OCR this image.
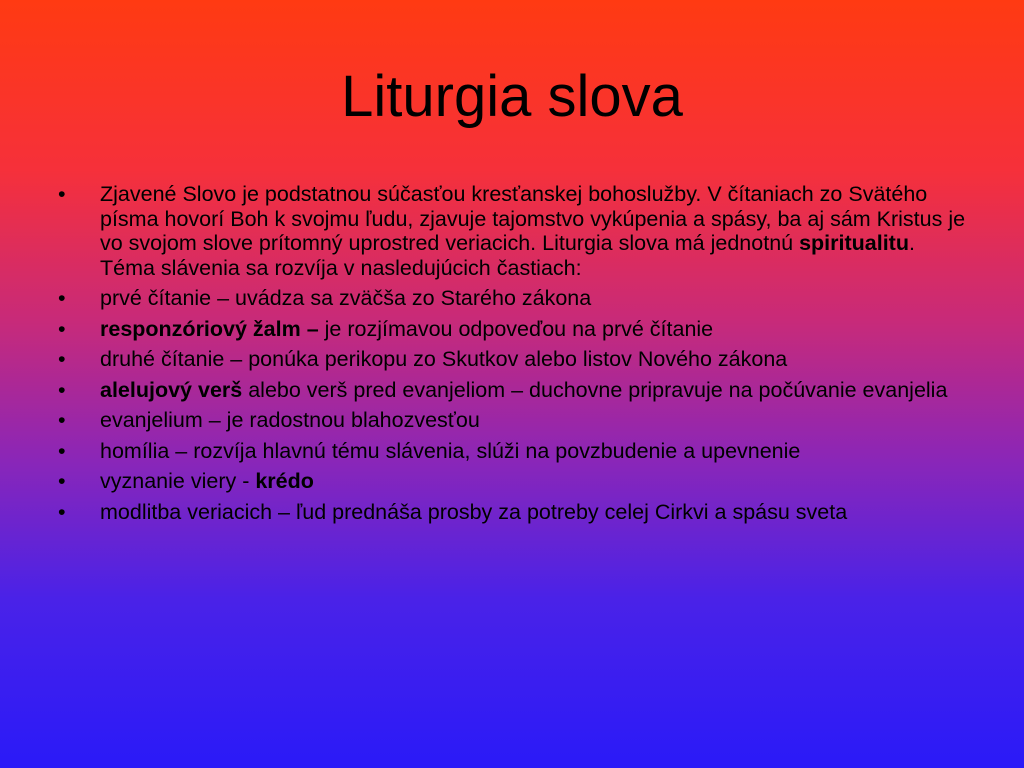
Liturgia slova
•	Zjavené Slovo je podstatnou súčasťou kresťanskej bohoslužby. V čítaniach zo Svätého písma hovorí Boh k svojmu ľudu, zjavuje tajomstvo vykúpenia a spásy, ba aj sám Kristus je vo svojom slove prítomný uprostred veriacich. Liturgia slova má jednotnú spiritualitu. Téma slávenia sa rozvíja v nasledujúcich častiach:
•	prvé čítanie – uvádza sa zväčša zo Starého zákona
•	responzóriový žalm – je rozjímavou odpoveďou na prvé čítanie
•	druhé čítanie – ponúka perikopu zo Skutkov alebo listov Nového zákona
•	alelujový verš alebo verš pred evanjeliom – duchovne pripravuje na počúvanie evanjelia
•	evanjelium – je radostnou blahozvesťou
•	homília – rozvíja hlavnú tému slávenia, slúži na povzbudenie a upevnenie
•	vyznanie viery - krédo
•	modlitba veriacich – ľud prednáša prosby za potreby celej Cirkvi a spásu sveta
